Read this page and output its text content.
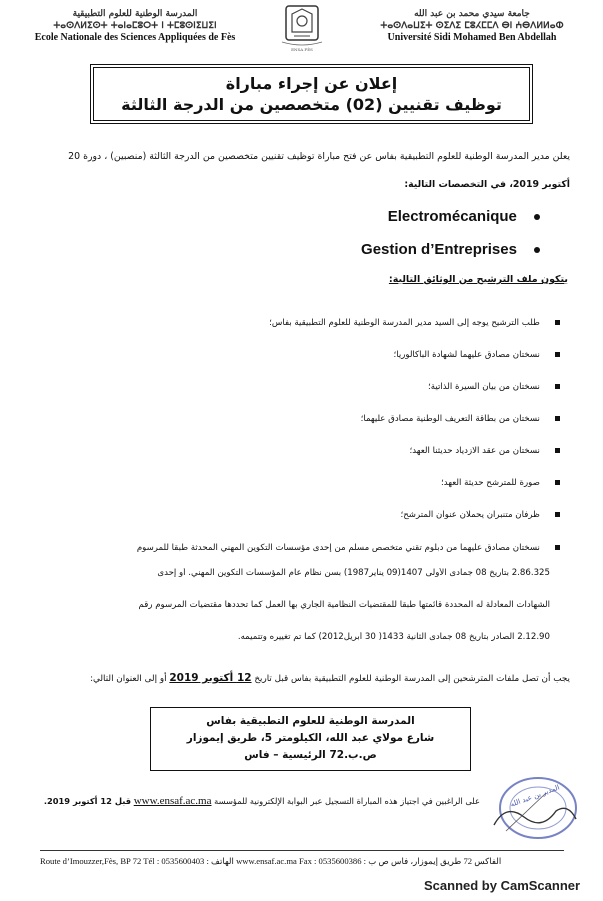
المدرسة الوطنية للعلوم التطبيقية
ⵜⴰⵙⴷⵍⵉⵙⵜ ⵜⴰⵏⴰⵎⵓⵔⵜ ⵏ ⵜⵎⵓⵙⵏⵉⵡⵉⵏ
Ecole Nationale des Sciences Appliquées de Fès
ENSA FÈS
جامعة سيدي محمد بن عبد الله
ⵜⴰⵙⴷⴰⵡⵉⵜ ⵙⵉⴷⵉ ⵎⵓⵃⵎⵎⴷ ⴱⵏ ⵄⴱⴷⵍⵍⴰⵀ
Université Sidi Mohamed Ben Abdellah
إعلان عن إجراء مباراة
توظيف تقنيين (02) متخصصين من الدرجة الثالثة
يعلن مدير المدرسة الوطنية للعلوم التطبيقية بفاس عن فتح مباراة توظيف تقنيين متخصصين من الدرجة الثالثة (منصبين) ، دورة 20
أكتوبر 2019، في التخصصات التالية:
Electromécanique
Gestion d’Entreprises
يتكون ملف الترشيح من الوثائق التالية:
طلب الترشيح يوجه إلى السيد مدير المدرسة الوطنية للعلوم التطبيقية بفاس؛
نسختان مصادق عليهما لشهادة الباكالوريا؛
نسختان من بيان السيرة الذاتية؛
نسختان من بطاقة التعريف الوطنية مصادق عليهما؛
نسختان من عقد الازدياد حديثنا العهد؛
صورة للمترشح حديثة العهد؛
ظرفان متنبران يحملان عنوان المترشح؛
نسختان مصادق عليهما من دبلوم تقني متخصص مسلم من إحدى مؤسسات التكوين المهني المحدثة طبقا للمرسوم
2.86.325 بتاريخ 08 جمادى الأولى 1407(09 يناير1987) بسن نظام عام المؤسسات التكوين المهني. أو إحدى
الشهادات المعادلة له المحددة قائمتها طبقا للمقتضيات النظامية الجاري بها العمل كما تحددها مقتضيات المرسوم رقم
2.12.90 الصادر بتاريخ 08 جمادى الثانية 1433( 30 أبريل2012) كما تم تغييره وتتميمه.
يجب أن تصل ملفات المترشحين إلى المدرسة الوطنية للعلوم التطبيقية بفاس قبل تاريخ 12 أكتوبر 2019 أو إلى العنوان التالي:
المدرسة الوطنية للعلوم التطبيقية بفاس
شارع مولاي عبد الله، الكيلومتر 5، طريق إيموزار
ص.ب.72 الرئيسية – فاس
على الراغبين في اجتياز هذه المباراة التسجيل عبر البوابة الإلكترونية للمؤسسة www.ensaf.ac.ma قبل 12 أكتوبر 2019.	المدير بن عبد الله
Route d’Imouzzer,Fès, BP 72 Tél : 0535600403 : الهاتف www.ensaf.ac.ma Fax : 0535600386 : الفاكس 72 طريق إيموزار، فاس ص ب
Scanned by CamScanner
